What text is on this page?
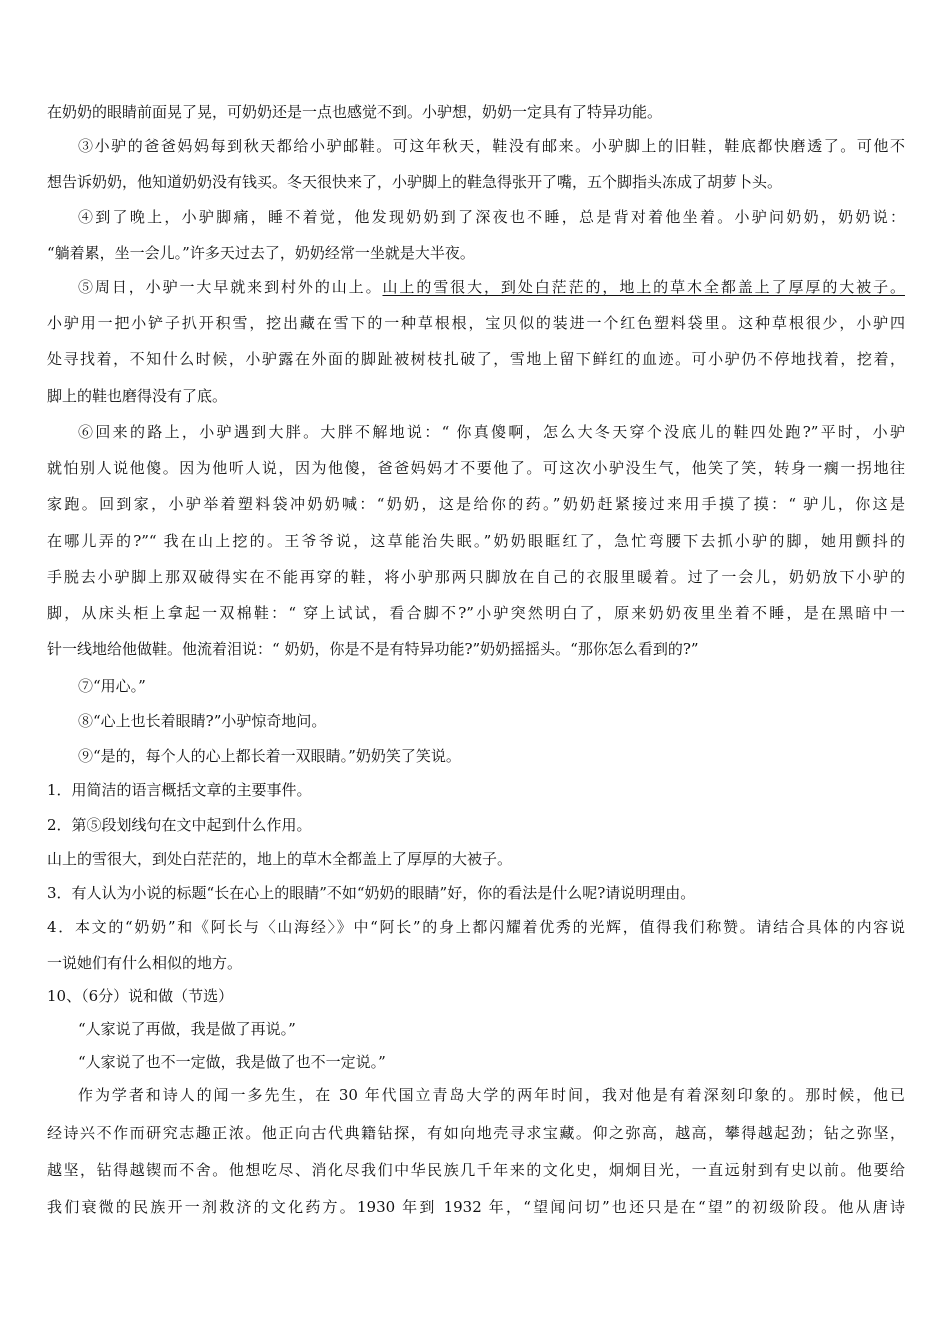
在奶奶的眼睛前面晃了晃，可奶奶还是一点也感觉不到。小驴想，奶奶一定具有了特异功能。
③小驴的爸爸妈妈每到秋天都给小驴邮鞋。可这年秋天，鞋没有邮来。小驴脚上的旧鞋，鞋底都快磨透了。可他不
想告诉奶奶，他知道奶奶没有钱买。冬天很快来了，小驴脚上的鞋急得张开了嘴，五个脚指头冻成了胡萝卜头。
④到了晚上，小驴脚痛，睡不着觉，他发现奶奶到了深夜也不睡，总是背对着他坐着。小驴问奶奶，奶奶说：
“躺着累，坐一会儿。”许多天过去了，奶奶经常一坐就是大半夜。
⑤周日，小驴一大早就来到村外的山上。山上的雪很大，到处白茫茫的，地上的草木全都盖上了厚厚的大被子。
小驴用一把小铲子扒开积雪，挖出藏在雪下的一种草根根，宝贝似的装进一个红色塑料袋里。这种草根很少，小驴四
处寻找着，不知什么时候，小驴露在外面的脚趾被树枝扎破了，雪地上留下鲜红的血迹。可小驴仍不停地找着，挖着，
脚上的鞋也磨得没有了底。
⑥回来的路上，小驴遇到大胖。大胖不解地说：“ 你真傻啊，怎么大冬天穿个没底儿的鞋四处跑?”平时，小驴
就怕别人说他傻。因为他听人说，因为他傻，爸爸妈妈才不要他了。可这次小驴没生气，他笑了笑，转身一瘸一拐地往
家跑。回到家，小驴举着塑料袋冲奶奶喊：“奶奶，这是给你的药。”奶奶赶紧接过来用手摸了摸：“ 驴儿，你这是
在哪儿弄的?”“ 我在山上挖的。王爷爷说，这草能治失眠。”奶奶眼眶红了，急忙弯腰下去抓小驴的脚，她用颤抖的
手脱去小驴脚上那双破得实在不能再穿的鞋，将小驴那两只脚放在自己的衣服里暖着。过了一会儿，奶奶放下小驴的
脚，从床头柜上拿起一双棉鞋：“ 穿上试试，看合脚不?”小驴突然明白了，原来奶奶夜里坐着不睡，是在黑暗中一
针一线地给他做鞋。他流着泪说：“ 奶奶，你是不是有特异功能?”奶奶摇摇头。“那你怎么看到的?”
⑦“用心。”
⑧“心上也长着眼睛?”小驴惊奇地问。
⑨“是的，每个人的心上都长着一双眼睛。”奶奶笑了笑说。
1．用简洁的语言概括文章的主要事件。
2．第⑤段划线句在文中起到什么作用。
山上的雪很大，到处白茫茫的，地上的草木全都盖上了厚厚的大被子。
3．有人认为小说的标题“长在心上的眼睛”不如“奶奶的眼睛”好，你的看法是什么呢?请说明理由。
4．本文的“奶奶”和《阿长与〈山海经〉》中“阿长”的身上都闪耀着优秀的光辉，值得我们称赞。请结合具体的内容说
一说她们有什么相似的地方。
10、（6分）说和做（节选）
“人家说了再做，我是做了再说。”
“人家说了也不一定做，我是做了也不一定说。”
作为学者和诗人的闻一多先生，在 30 年代国立青岛大学的两年时间，我对他是有着深刻印象的。那时候，他已
经诗兴不作而研究志趣正浓。他正向古代典籍钻探，有如向地壳寻求宝藏。仰之弥高，越高，攀得越起劲；钻之弥坚，
越坚，钻得越锲而不舍。他想吃尽、消化尽我们中华民族几千年来的文化史，炯炯目光，一直远射到有史以前。他要给
我们衰微的民族开一剂救济的文化药方。1930 年到 1932 年，“望闻问切”也还只是在“望”的初级阶段。他从唐诗
